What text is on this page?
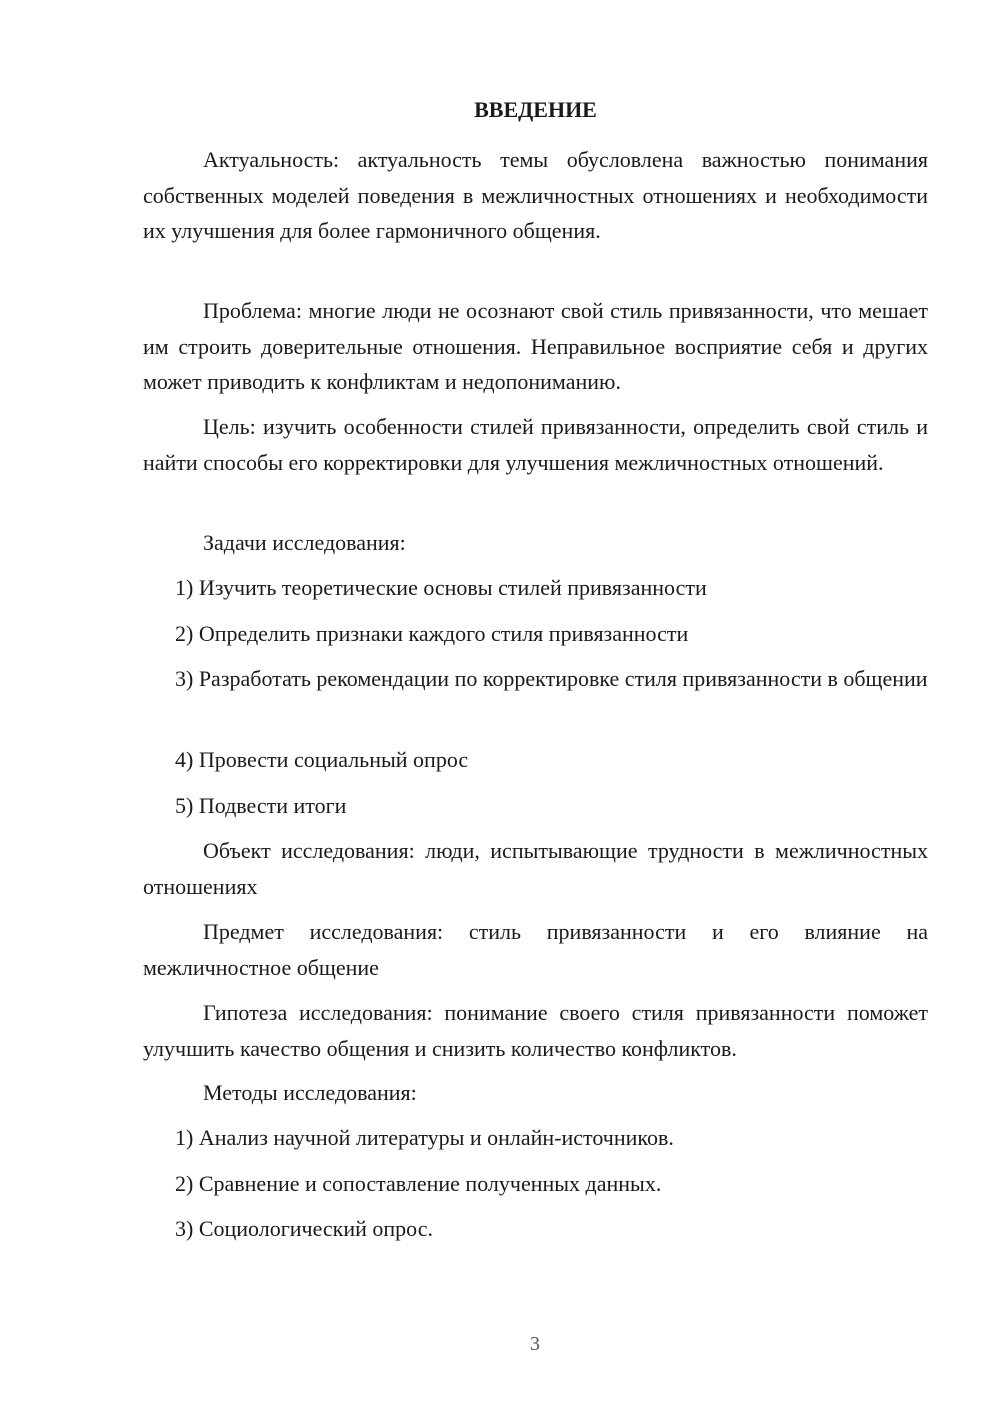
ВВЕДЕНИЕ
Актуальность: актуальность темы обусловлена важностью понимания собственных моделей поведения в межличностных отношениях и необходимости их улучшения для более гармоничного общения.
Проблема: многие люди не осознают свой стиль привязанности, что мешает им строить доверительные отношения. Неправильное восприятие себя и других может приводить к конфликтам и недопониманию.
Цель: изучить особенности стилей привязанности, определить свой стиль и найти способы его корректировки для улучшения межличностных отношений.
Задачи исследования:
1) Изучить теоретические основы стилей привязанности
2) Определить признаки каждого стиля привязанности
3) Разработать рекомендации по корректировке стиля привязанности в общении
4) Провести социальный опрос
5) Подвести итоги
Объект исследования: люди, испытывающие трудности в межличностных отношениях
Предмет исследования: стиль привязанности и его влияние на межличностное общение
Гипотеза исследования: понимание своего стиля привязанности поможет улучшить качество общения и снизить количество конфликтов.
Методы исследования:
1) Анализ научной литературы и онлайн-источников.
2) Сравнение и сопоставление полученных данных.
3) Социологический опрос.
3
